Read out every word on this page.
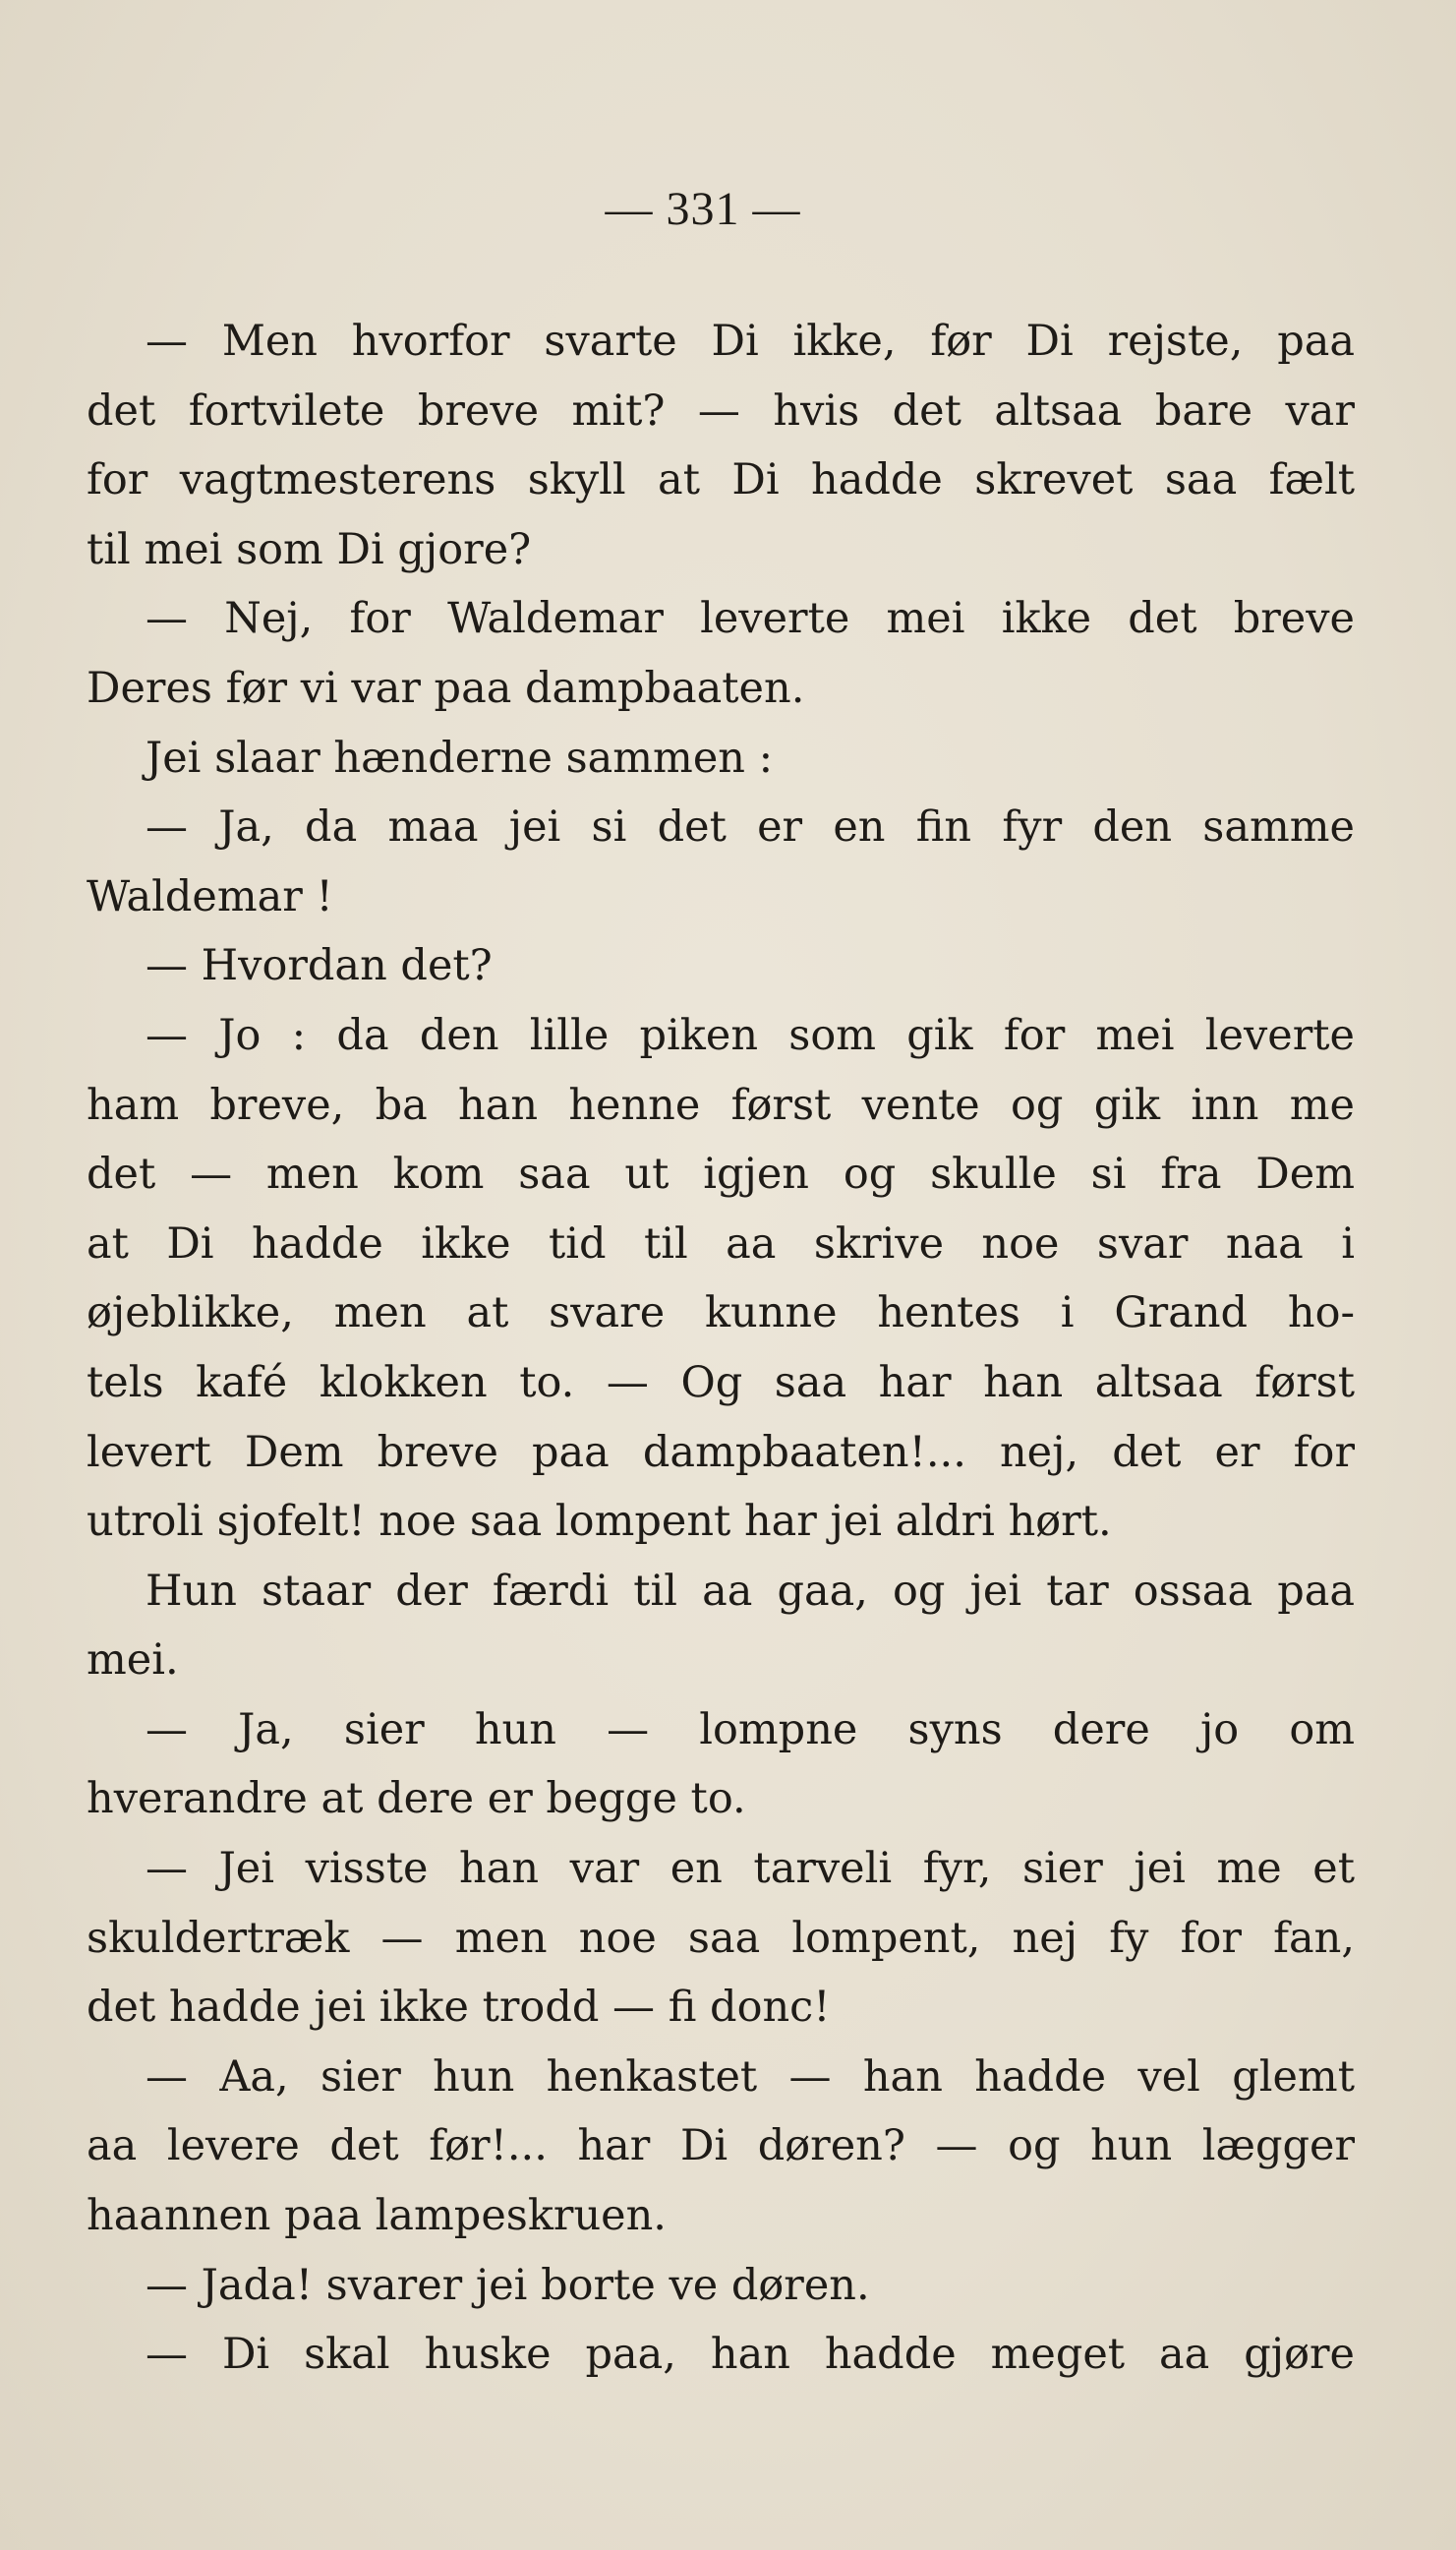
— 331 —
— Men hvorfor svarte Di ikke, før Di rejste, paa
det fortvilete breve mit? — hvis det altsaa bare var
for vagtmesterens skyll at Di hadde skrevet saa fælt
til mei som Di gjore?
— Nej, for Waldemar leverte mei ikke det breve
Deres før vi var paa dampbaaten.
Jei slaar hænderne sammen :
— Ja, da maa jei si det er en fin fyr den samme
Waldemar !
— Hvordan det?
— Jo : da den lille piken som gik for mei leverte
ham breve, ba han henne først vente og gik inn me
det — men kom saa ut igjen og skulle si fra Dem
at Di hadde ikke tid til aa skrive noe svar naa i
øjeblikke, men at svare kunne hentes i Grand ho-
tels kafé klokken to. — Og saa har han altsaa først
levert Dem breve paa dampbaaten!... nej, det er for
utroli sjofelt! noe saa lompent har jei aldri hørt.
Hun staar der færdi til aa gaa, og jei tar ossaa paa
mei.
— Ja, sier hun — lompne syns dere jo om
hverandre at dere er begge to.
— Jei visste han var en tarveli fyr, sier jei me et
skuldertræk — men noe saa lompent, nej fy for fan,
det hadde jei ikke trodd — fi donc!
— Aa, sier hun henkastet — han hadde vel glemt
aa levere det før!... har Di døren? — og hun lægger
haannen paa lampeskruen.
— Jada! svarer jei borte ve døren.
— Di skal huske paa, han hadde meget aa gjøre
